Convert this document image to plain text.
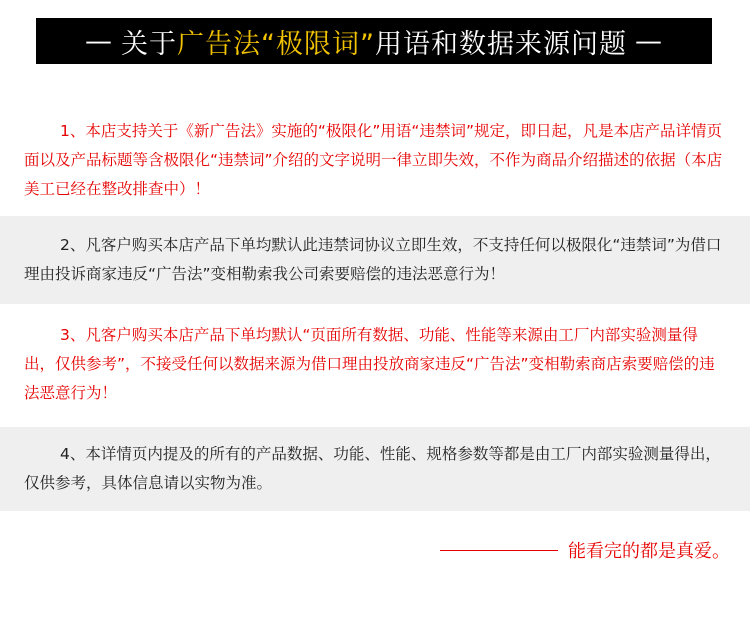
— 关于 广告法“极限词” 用语和数据来源问题 —

1、本店支持关于《新广告法》实施的“极限化”用语“违禁词”规定，即日起，凡是本店产品详情页面以及产品标题等含极限化“违禁词”介绍的文字说明一律立即失效，不作为商品介绍描述的依据（本店美工已经在整改排查中）！

2、凡客户购买本店产品下单均默认此违禁词协议立即生效，不支持任何以极限化“违禁词”为借口理由投诉商家违反“广告法”变相勒索我公司索要赔偿的违法恶意行为！

3、凡客户购买本店产品下单均默认“页面所有数据、功能、性能等来源由工厂内部实验测量得出，仅供参考”，不接受任何以数据来源为借口理由投放商家违反“广告法”变相勒索商店索要赔偿的违法恶意行为！

4、本详情页内提及的所有的产品数据、功能、性能、规格参数等都是由工厂内部实验测量得出，仅供参考，具体信息请以实物为准。

能看完的都是真爱。
